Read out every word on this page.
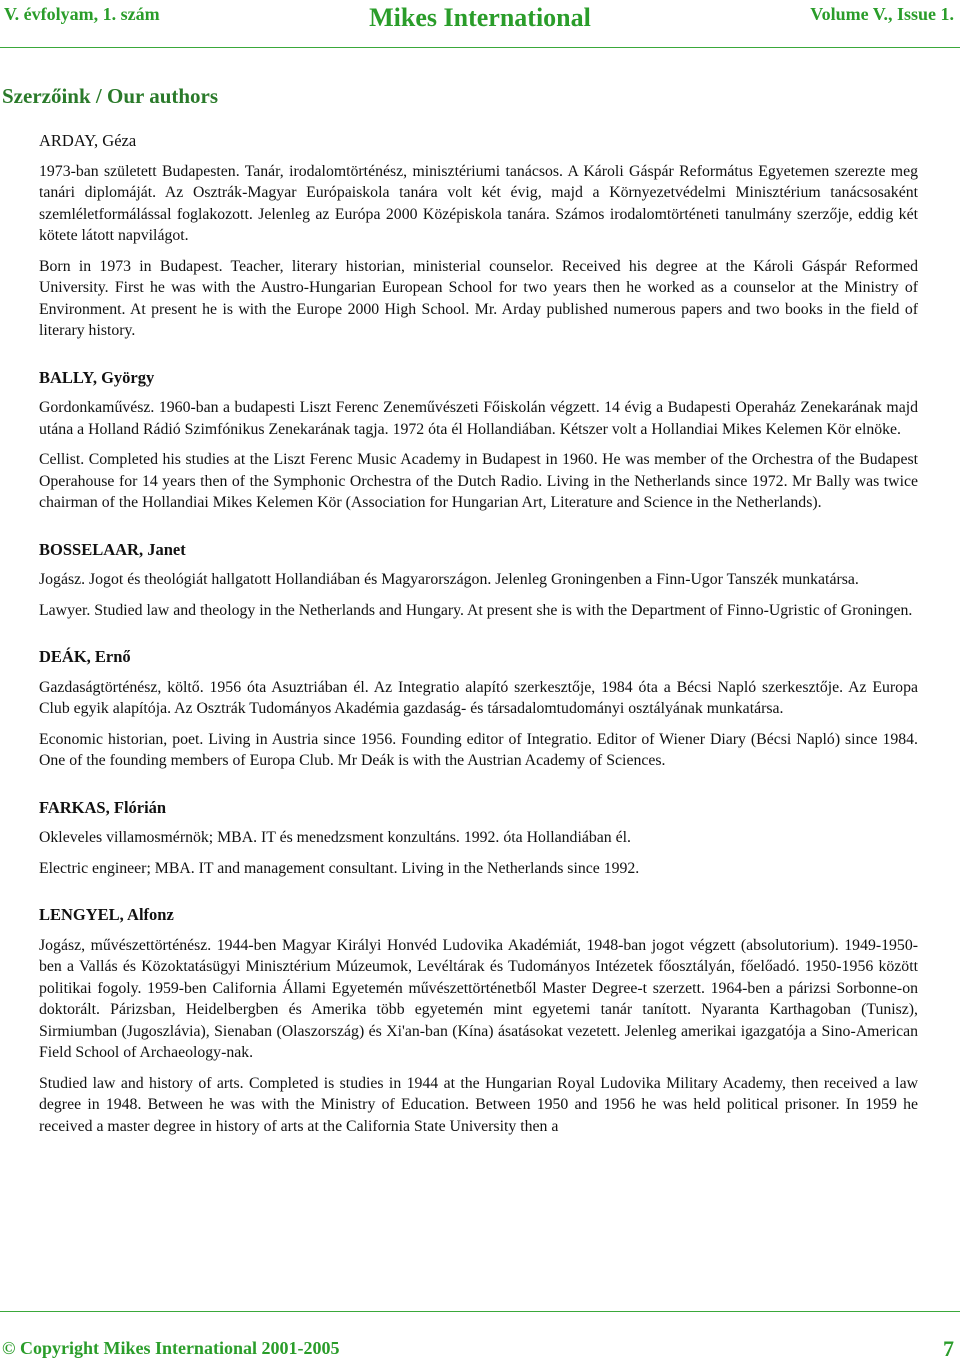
V. évfolyam, 1. szám	Mikes International	Volume V., Issue 1.
Szerzőink / Our authors
ARDAY, Géza
1973-ban született Budapesten. Tanár, irodalomtörténész, minisztériumi tanácsos. A Károli Gáspár Református Egyetemen szerezte meg tanári diplomáját. Az Osztrák-Magyar Európaiskola tanára volt két évig, majd a Környezetvédelmi Minisztérium tanácsosaként szemléletformálással foglakozott. Jelenleg az Európa 2000 Középiskola tanára. Számos irodalomtörténeti tanulmány szerzője, eddig két kötete látott napvilágot.
Born in 1973 in Budapest. Teacher, literary historian, ministerial counselor. Received his degree at the Károli Gáspár Reformed University. First he was with the Austro-Hungarian European School for two years then he worked as a counselor at the Ministry of Environment. At present he is with the Europe 2000 High School. Mr. Arday published numerous papers and two books in the field of literary history.
BALLY, György
Gordonkaművész. 1960-ban a budapesti Liszt Ferenc Zeneművészeti Főiskolán végzett. 14 évig a Budapesti Operaház Zenekarának majd utána a Holland Rádió Szimfónikus Zenekarának tagja. 1972 óta él Hollandiában. Kétszer volt a Hollandiai Mikes Kelemen Kör elnöke.
Cellist. Completed his studies at the Liszt Ferenc Music Academy in Budapest in 1960. He was member of the Orchestra of the Budapest Operahouse for 14 years then of the Symphonic Orchestra of the Dutch Radio. Living in the Netherlands since 1972. Mr Bally was twice chairman of the Hollandiai Mikes Kelemen Kör (Association for Hungarian Art, Literature and Science in the Netherlands).
BOSSELAAR, Janet
Jogász. Jogot és theológiát hallgatott Hollandiában és Magyarországon. Jelenleg Groningenben a Finn-Ugor Tanszék munkatársa.
Lawyer. Studied law and theology in the Netherlands and Hungary. At present she is with the Department of Finno-Ugristic of Groningen.
DEÁK, Ernő
Gazdaságtörténész, költő. 1956 óta Asuztriában él. Az Integratio alapító szerkesztője, 1984 óta a Bécsi Napló szerkesztője. Az Europa Club egyik alapítója. Az Osztrák Tudományos Akadémia gazdaság- és társadalomtudományi osztályának munkatársa.
Economic historian, poet. Living in Austria since 1956. Founding editor of Integratio. Editor of Wiener Diary (Bécsi Napló) since 1984. One of the founding members of Europa Club. Mr Deák is with the Austrian Academy of Sciences.
FARKAS, Flórián
Okleveles villamosmérnök; MBA. IT és menedzsment konzultáns. 1992. óta Hollandiában él.
Electric engineer; MBA. IT and management consultant. Living in the Netherlands since 1992.
LENGYEL, Alfonz
Jogász, művészettörténész. 1944-ben Magyar Királyi Honvéd Ludovika Akadémiát, 1948-ban jogot végzett (absolutorium). 1949-1950-ben a Vallás és Közoktatásügyi Minisztérium Múzeumok, Levéltárak és Tudományos Intézetek főosztályán, főelőadó. 1950-1956 között politikai fogoly. 1959-ben California Állami Egyetemén művészettörténetből Master Degree-t szerzett. 1964-ben a párizsi Sorbonne-on doktorált. Párizsban, Heidelbergben és Amerika több egyetemén mint egyetemi tanár tanított. Nyaranta Karthagoban (Tunisz), Sirmiumban (Jugoszlávia), Sienaban (Olaszország) és Xi'an-ban (Kína) ásatásokat vezetett. Jelenleg amerikai igazgatója a Sino-American Field School of Archaeology-nak.
Studied law and history of arts. Completed is studies in 1944 at the Hungarian Royal Ludovika Military Academy, then received a law degree in 1948. Between he was with the Ministry of Education. Between 1950 and 1956 he was held political prisoner. In 1959 he received a master degree in history of arts at the California State University then a
© Copyright Mikes International 2001-2005	7
